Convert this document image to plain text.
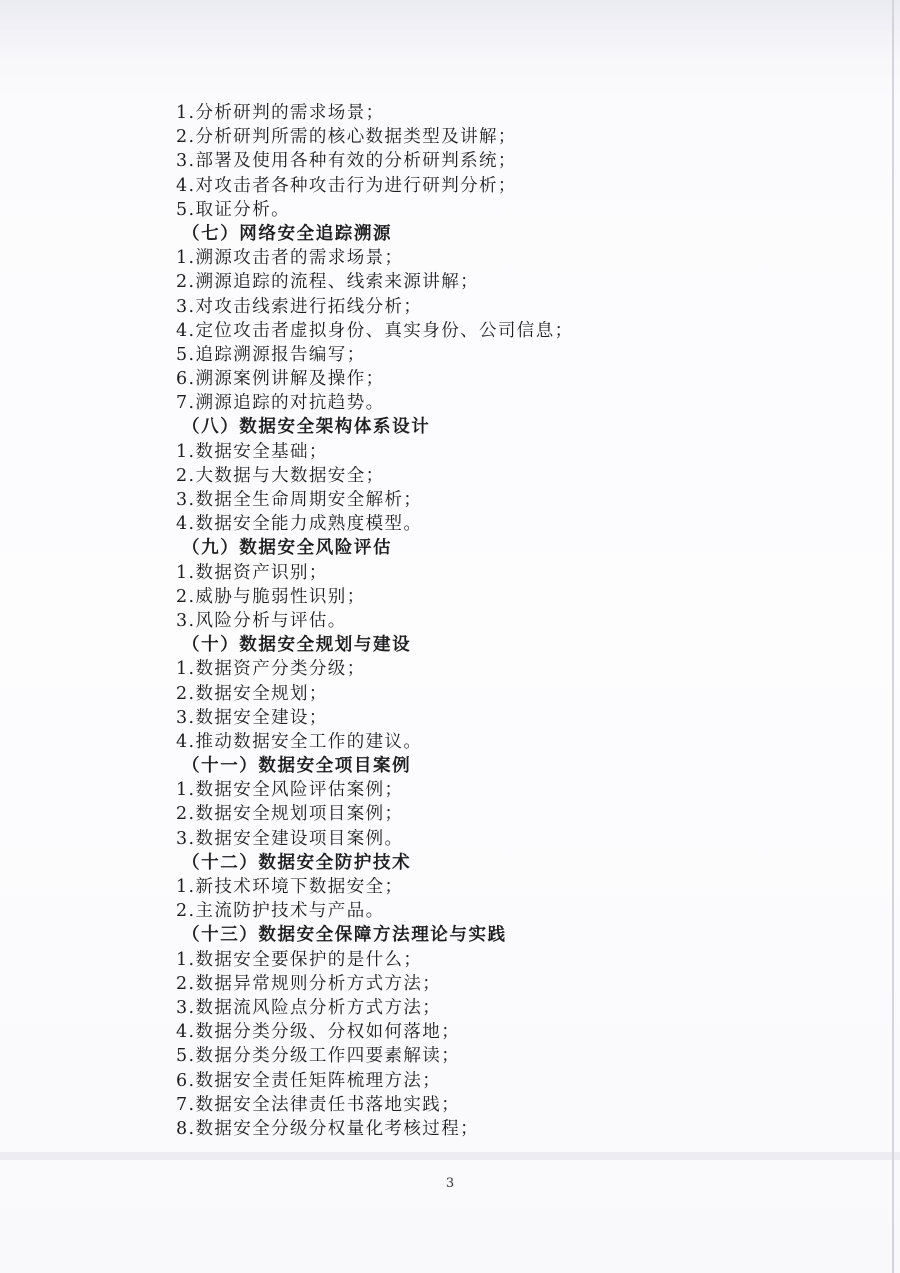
1.分析研判的需求场景；
2.分析研判所需的核心数据类型及讲解；
3.部署及使用各种有效的分析研判系统；
4.对攻击者各种攻击行为进行研判分析；
5.取证分析。
（七）网络安全追踪溯源
1.溯源攻击者的需求场景；
2.溯源追踪的流程、线索来源讲解；
3.对攻击线索进行拓线分析；
4.定位攻击者虚拟身份、真实身份、公司信息；
5.追踪溯源报告编写；
6.溯源案例讲解及操作；
7.溯源追踪的对抗趋势。
（八）数据安全架构体系设计
1.数据安全基础；
2.大数据与大数据安全；
3.数据全生命周期安全解析；
4.数据安全能力成熟度模型。
（九）数据安全风险评估
1.数据资产识别；
2.威胁与脆弱性识别；
3.风险分析与评估。
（十）数据安全规划与建设
1.数据资产分类分级；
2.数据安全规划；
3.数据安全建设；
4.推动数据安全工作的建议。
（十一）数据安全项目案例
1.数据安全风险评估案例；
2.数据安全规划项目案例；
3.数据安全建设项目案例。
（十二）数据安全防护技术
1.新技术环境下数据安全；
2.主流防护技术与产品。
（十三）数据安全保障方法理论与实践
1.数据安全要保护的是什么；
2.数据异常规则分析方式方法；
3.数据流风险点分析方式方法；
4.数据分类分级、分权如何落地；
5.数据分类分级工作四要素解读；
6.数据安全责任矩阵梳理方法；
7.数据安全法律责任书落地实践；
8.数据安全分级分权量化考核过程；
3
